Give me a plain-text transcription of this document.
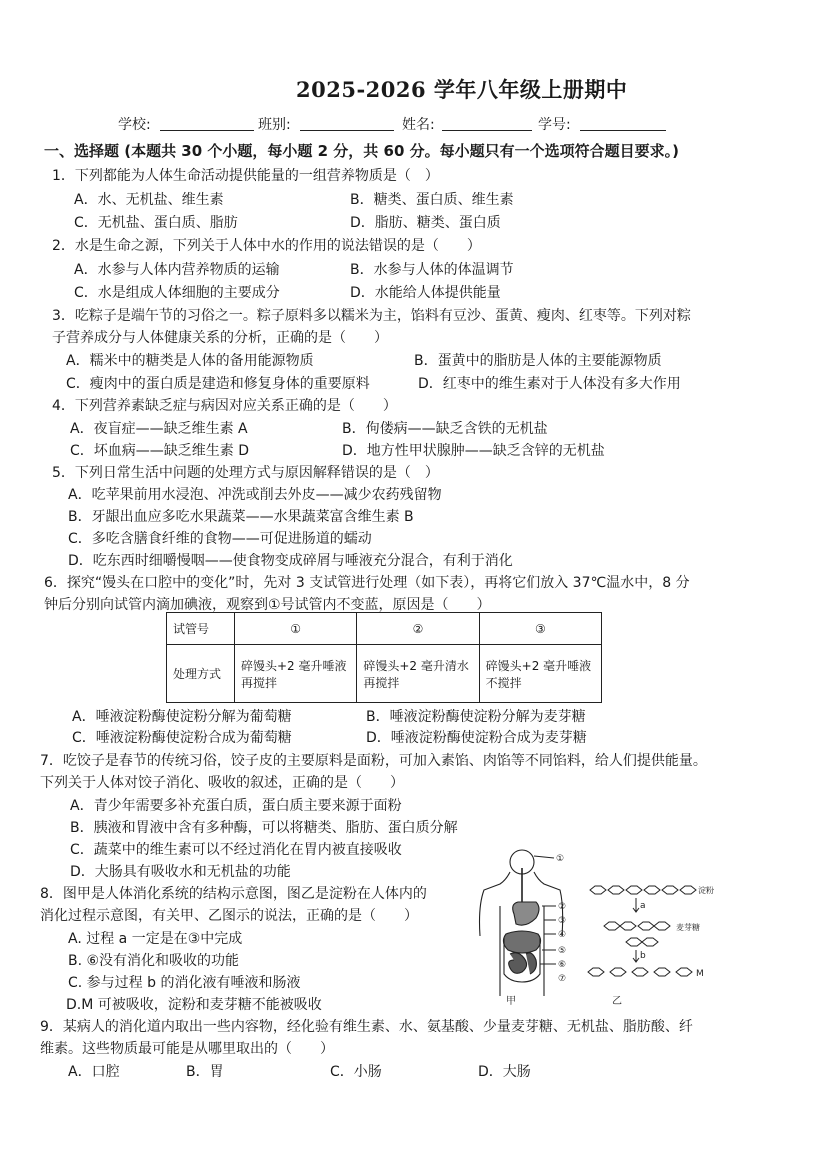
2025-2026 学年八年级上册期中
学校:	班别:	姓名:	学号:
一、选择题 (本题共 30 个小题，每小题 2 分，共 60 分。每小题只有一个选项符合题目要求。)
1．下列都能为人体生命活动提供能量的一组营养物质是（　）
A．水、无机盐、维生素	B．糖类、蛋白质、维生素
C．无机盐、蛋白质、脂肪	D．脂肪、糖类、蛋白质
2．水是生命之源，下列关于人体中水的作用的说法错误的是（　　）
A．水参与人体内营养物质的运输	B．水参与人体的体温调节
C．水是组成人体细胞的主要成分	D．水能给人体提供能量
3．吃粽子是端午节的习俗之一。粽子原料多以糯米为主，馅料有豆沙、蛋黄、瘦肉、红枣等。下列对粽
子营养成分与人体健康关系的分析，正确的是（　　）
A．糯米中的糖类是人体的备用能源物质	B．蛋黄中的脂肪是人体的主要能源物质
C．瘦肉中的蛋白质是建造和修复身体的重要原料	D．红枣中的维生素对于人体没有多大作用
4．下列营养素缺乏症与病因对应关系正确的是（　　）
A．夜盲症——缺乏维生素 A	B．佝偻病——缺乏含铁的无机盐
C．坏血病——缺乏维生素 D	D．地方性甲状腺肿——缺乏含锌的无机盐
5．下列日常生活中问题的处理方式与原因解释错误的是（　）
A．吃苹果前用水浸泡、冲洗或削去外皮——减少农药残留物
B．牙龈出血应多吃水果蔬菜——水果蔬菜富含维生素 B
C．多吃含膳食纤维的食物——可促进肠道的蠕动
D．吃东西时细嚼慢咽——使食物变成碎屑与唾液充分混合，有利于消化
6．探究“馒头在口腔中的变化”时，先对 3 支试管进行处理（如下表），再将它们放入 37℃温水中，8 分
钟后分别向试管内滴加碘液，观察到①号试管内不变蓝，原因是（　　）
试管号	①	②	③
处理方式	碎馒头+2 毫升唾液再搅拌	碎馒头+2 毫升清水再搅拌	碎馒头+2 毫升唾液不搅拌
A．唾液淀粉酶使淀粉分解为葡萄糖	B．唾液淀粉酶使淀粉分解为麦芽糖
C．唾液淀粉酶使淀粉合成为葡萄糖	D．唾液淀粉酶使淀粉合成为麦芽糖
7．吃饺子是春节的传统习俗，饺子皮的主要原料是面粉，可加入素馅、肉馅等不同馅料，给人们提供能量。
下列关于人体对饺子消化、吸收的叙述，正确的是（　　）
A．青少年需要多补充蛋白质，蛋白质主要来源于面粉
B．胰液和胃液中含有多种酶，可以将糖类、脂肪、蛋白质分解
C．蔬菜中的维生素可以不经过消化在胃内被直接吸收
D．大肠具有吸收水和无机盐的功能
8．图甲是人体消化系统的结构示意图，图乙是淀粉在人体内的
消化过程示意图，有关甲、乙图示的说法，正确的是（　　）
A. 过程 a 一定是在③中完成
B. ⑥没有消化和吸收的功能
C. 参与过程 b 的消化液有唾液和肠液
D.M 可被吸收，淀粉和麦芽糖不能被吸收
①
②
③
④
⑤
⑥
⑦
甲
淀粉
麦芽糖
a
b
M
乙
9．某病人的消化道内取出一些内容物，经化验有维生素、水、氨基酸、少量麦芽糖、无机盐、脂肪酸、纤
维素。这些物质最可能是从哪里取出的（　　）
A．口腔	B．胃	C．小肠	D．大肠
